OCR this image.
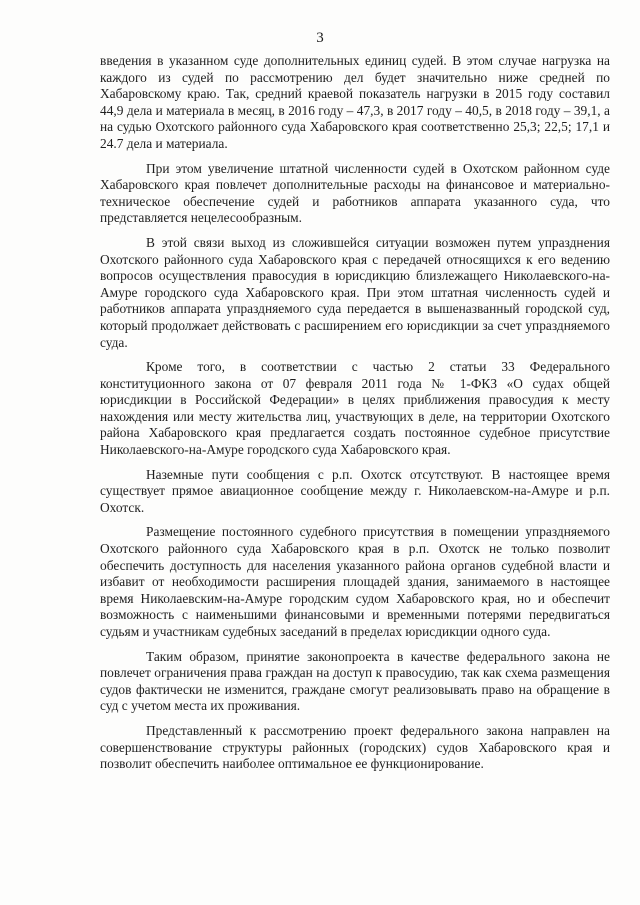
3

введения в указанном суде дополнительных единиц судей. В этом случае нагрузка на каждого из судей по рассмотрению дел будет значительно ниже средней по Хабаровскому краю. Так, средний краевой показатель нагрузки в 2015 году составил 44,9 дела и материала в месяц, в 2016 году – 47,3, в 2017 году – 40,5, в 2018 году – 39,1, а на судью Охотского районного суда Хабаровского края соответственно 25,3; 22,5; 17,1 и 24.7 дела и материала.

При этом увеличение штатной численности судей в Охотском районном суде Хабаровского края повлечет дополнительные расходы на финансовое и материально-техническое обеспечение судей и работников аппарата указанного суда, что представляется нецелесообразным.

В этой связи выход из сложившейся ситуации возможен путем упразднения Охотского районного суда Хабаровского края с передачей относящихся к его ведению вопросов осуществления правосудия в юрисдикцию близлежащего Николаевского-на-Амуре городского суда Хабаровского края. При этом штатная численность судей и работников аппарата упраздняемого суда передается в вышеназванный городской суд, который продолжает действовать с расширением его юрисдикции за счет упраздняемого суда.

Кроме того, в соответствии с частью 2 статьи 33 Федерального конституционного закона от 07 февраля 2011 года № 1-ФКЗ «О судах общей юрисдикции в Российской Федерации» в целях приближения правосудия к месту нахождения или месту жительства лиц, участвующих в деле, на территории Охотского района Хабаровского края предлагается создать постоянное судебное присутствие Николаевского-на-Амуре городского суда Хабаровского края.

Наземные пути сообщения с р.п. Охотск отсутствуют. В настоящее время существует прямое авиационное сообщение между г. Николаевском-на-Амуре и р.п. Охотск.

Размещение постоянного судебного присутствия в помещении упраздняемого Охотского районного суда Хабаровского края в р.п. Охотск не только позволит обеспечить доступность для населения указанного района органов судебной власти и избавит от необходимости расширения площадей здания, занимаемого в настоящее время Николаевским-на-Амуре городским судом Хабаровского края, но и обеспечит возможность с наименьшими финансовыми и временными потерями передвигаться судьям и участникам судебных заседаний в пределах юрисдикции одного суда.

Таким образом, принятие законопроекта в качестве федерального закона не повлечет ограничения права граждан на доступ к правосудию, так как схема размещения судов фактически не изменится, граждане смогут реализовывать право на обращение в суд с учетом места их проживания.

Представленный к рассмотрению проект федерального закона направлен на совершенствование структуры районных (городских) судов Хабаровского края и позволит обеспечить наиболее оптимальное ее функционирование.
